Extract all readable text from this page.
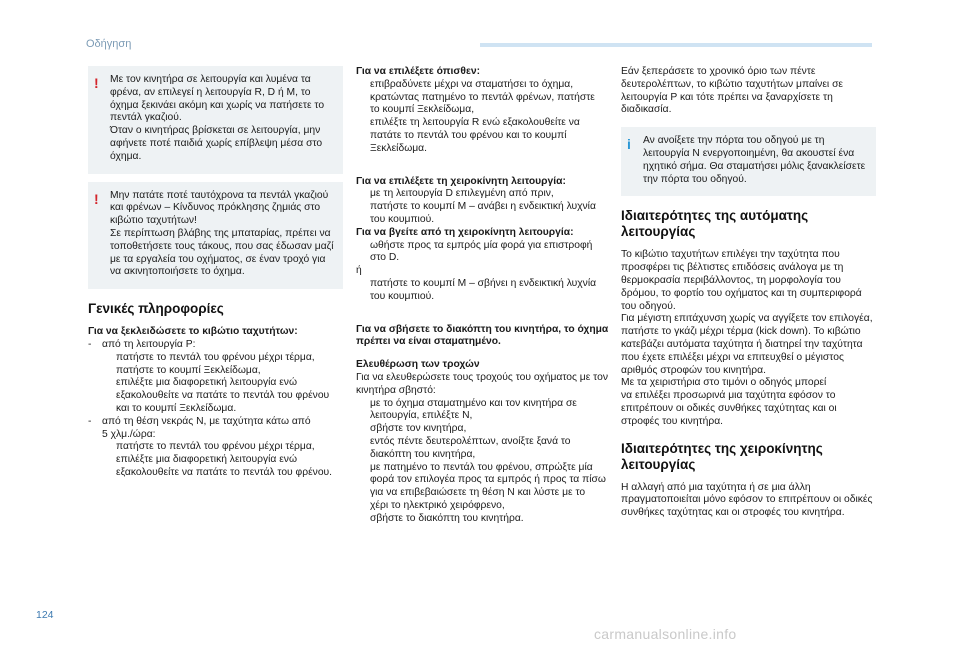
Οδήγηση
! Με τον κινητήρα σε λειτουργία και λυμένα τα
φρένα, αν επιλεγεί η λειτουργία R, D ή M, το
όχημα ξεκινάει ακόμη και χωρίς να πατήσετε το
πεντάλ γκαζιού.
Όταν ο κινητήρας βρίσκεται σε λειτουργία, μην
αφήνετε ποτέ παιδιά χωρίς επίβλεψη μέσα στο
όχημα.
! Μην πατάτε ποτέ ταυτόχρονα τα πεντάλ γκαζιού
και φρένων – Κίνδυνος πρόκλησης ζημιάς στο
κιβώτιο ταχυτήτων!
Σε περίπτωση βλάβης της μπαταρίας, πρέπει να
τοποθετήσετε τους τάκους, που σας έδωσαν μαζί
με τα εργαλεία του οχήματος, σε έναν τροχό για
να ακινητοποιήσετε το όχημα.
Γενικές πληροφορίες
Για να ξεκλειδώσετε το κιβώτιο ταχυτήτων:
- από τη λειτουργία P:
πατήστε το πεντάλ του φρένου μέχρι τέρμα,
πατήστε το κουμπί Ξεκλείδωμα,
επιλέξτε μια διαφορετική λειτουργία ενώ
εξακολουθείτε να πατάτε το πεντάλ του φρένου
και το κουμπί Ξεκλείδωμα.
- από τη θέση νεκράς N, με ταχύτητα κάτω από
5 χλμ./ώρα:
πατήστε το πεντάλ του φρένου μέχρι τέρμα,
επιλέξτε μια διαφορετική λειτουργία ενώ
εξακολουθείτε να πατάτε το πεντάλ του φρένου.
Για να επιλέξετε όπισθεν:
επιβραδύνετε μέχρι να σταματήσει το όχημα,
κρατώντας πατημένο το πεντάλ φρένων, πατήστε
το κουμπί Ξεκλείδωμα,
επιλέξτε τη λειτουργία R ενώ εξακολουθείτε να
πατάτε το πεντάλ του φρένου και το κουμπί
Ξεκλείδωμα.
Για να επιλέξετε τη χειροκίνητη λειτουργία:
με τη λειτουργία D επιλεγμένη από πριν,
πατήστε το κουμπί M – ανάβει η ενδεικτική λυχνία
του κουμπιού.
Για να βγείτε από τη χειροκίνητη λειτουργία:
ωθήστε προς τα εμπρός μία φορά για επιστροφή
στο D.
ή
πατήστε το κουμπί M – σβήνει η ενδεικτική λυχνία
του κουμπιού.
Για να σβήσετε το διακόπτη του κινητήρα, το όχημα
πρέπει να είναι σταματημένο.
Ελευθέρωση των τροχών
Για να ελευθερώσετε τους τροχούς του οχήματος με τον
κινητήρα σβηστό:
με το όχημα σταματημένο και τον κινητήρα σε
λειτουργία, επιλέξτε N,
σβήστε τον κινητήρα,
εντός πέντε δευτερολέπτων, ανοίξτε ξανά το
διακόπτη του κινητήρα,
με πατημένο το πεντάλ του φρένου, σπρώξτε μία
φορά τον επιλογέα προς τα εμπρός ή προς τα πίσω
για να επιβεβαιώσετε τη θέση N και λύστε με το
χέρι το ηλεκτρικό χειρόφρενο,
σβήστε το διακόπτη του κινητήρα.
Εάν ξεπεράσετε το χρονικό όριο των πέντε
δευτερολέπτων, το κιβώτιο ταχυτήτων μπαίνει σε
λειτουργία P και τότε πρέπει να ξαναρχίσετε τη
διαδικασία.
i Αν ανοίξετε την πόρτα του οδηγού με τη
λειτουργία N ενεργοποιημένη, θα ακουστεί ένα
ηχητικό σήμα. Θα σταματήσει μόλις ξανακλείσετε
την πόρτα του οδηγού.
Ιδιαιτερότητες της αυτόματης
λειτουργίας
Το κιβώτιο ταχυτήτων επιλέγει την ταχύτητα που
προσφέρει τις βέλτιστες επιδόσεις ανάλογα με τη
θερμοκρασία περιβάλλοντος, τη μορφολογία του
δρόμου, το φορτίο του οχήματος και τη συμπεριφορά
του οδηγού.
Για μέγιστη επιτάχυνση χωρίς να αγγίξετε τον επιλογέα,
πατήστε το γκάζι μέχρι τέρμα (kick down). Το κιβώτιο
κατεβάζει αυτόματα ταχύτητα ή διατηρεί την ταχύτητα
που έχετε επιλέξει μέχρι να επιτευχθεί ο μέγιστος
αριθμός στροφών του κινητήρα.
Με τα χειριστήρια στο τιμόνι ο οδηγός μπορεί
να επιλέξει προσωρινά μια ταχύτητα εφόσον το
επιτρέπουν οι οδικές συνθήκες ταχύτητας και οι
στροφές του κινητήρα.
Ιδιαιτερότητες της χειροκίνητης λειτουργίας
Η αλλαγή από μια ταχύτητα ή σε μια άλλη
πραγματοποιείται μόνο εφόσον το επιτρέπουν οι οδικές
συνθήκες ταχύτητας και οι στροφές του κινητήρα.
124
carmanualsonline.info
